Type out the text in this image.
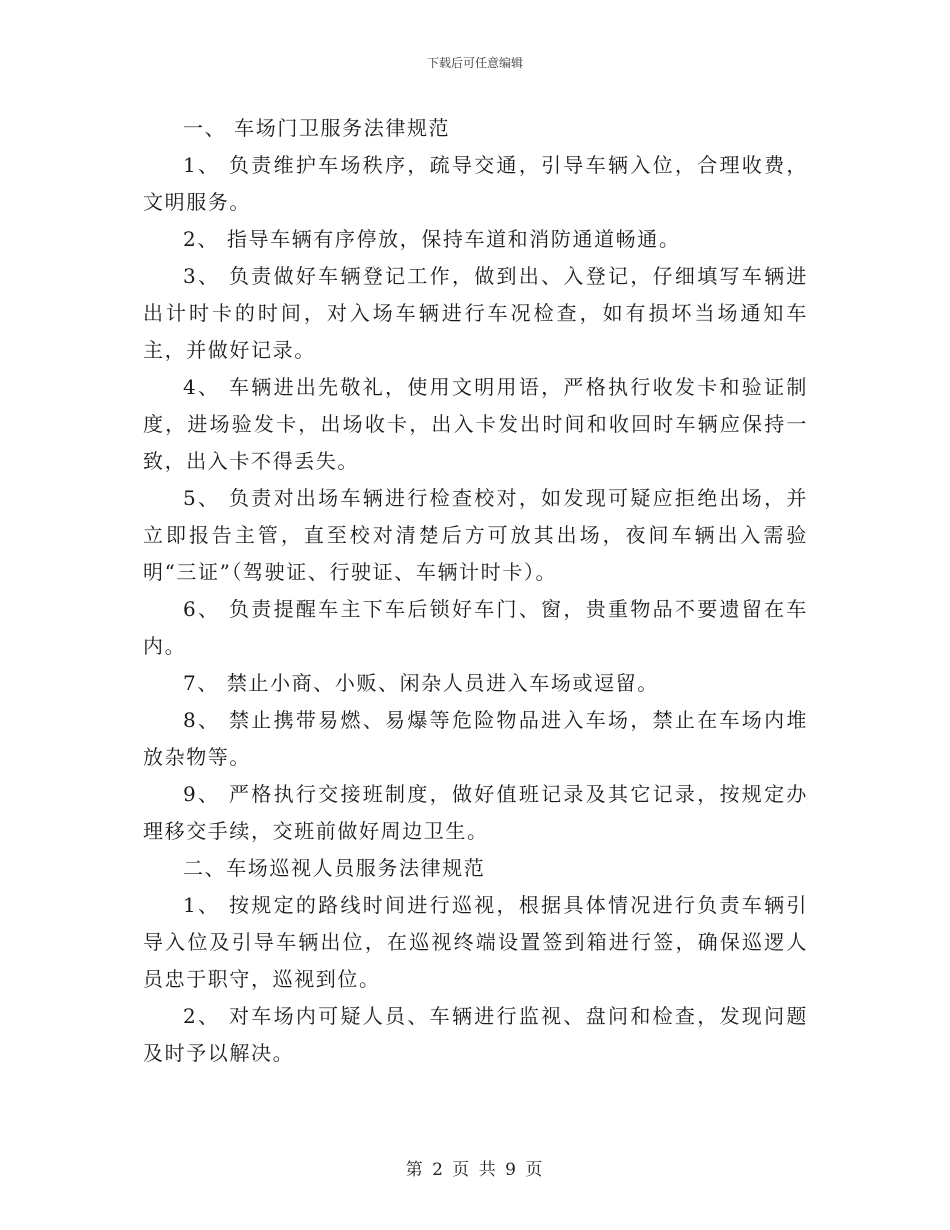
下载后可任意编辑

一、 车场门卫服务法律规范

1、 负责维护车场秩序，疏导交通，引导车辆入位，合理收费，文明服务。

2、 指导车辆有序停放，保持车道和消防通道畅通。

3、 负责做好车辆登记工作，做到出、入登记，仔细填写车辆进出计时卡的时间，对入场车辆进行车况检查，如有损坏当场通知车主，并做好记录。

4、 车辆进出先敬礼，使用文明用语，严格执行收发卡和验证制度，进场验发卡，出场收卡，出入卡发出时间和收回时车辆应保持一致，出入卡不得丢失。

5、 负责对出场车辆进行检查校对，如发现可疑应拒绝出场，并立即报告主管，直至校对清楚后方可放其出场，夜间车辆出入需验明“三证”（驾驶证、行驶证、车辆计时卡）。

6、 负责提醒车主下车后锁好车门、窗，贵重物品不要遗留在车内。

7、 禁止小商、小贩、闲杂人员进入车场或逗留。

8、 禁止携带易燃、易爆等危险物品进入车场，禁止在车场内堆放杂物等。

9、 严格执行交接班制度，做好值班记录及其它记录，按规定办理移交手续，交班前做好周边卫生。

二、车场巡视人员服务法律规范

1、 按规定的路线时间进行巡视，根据具体情况进行负责车辆引导入位及引导车辆出位，在巡视终端设置签到箱进行签，确保巡逻人员忠于职守，巡视到位。

2、 对车场内可疑人员、车辆进行监视、盘问和检查，发现问题及时予以解决。

第 2 页 共 9 页
